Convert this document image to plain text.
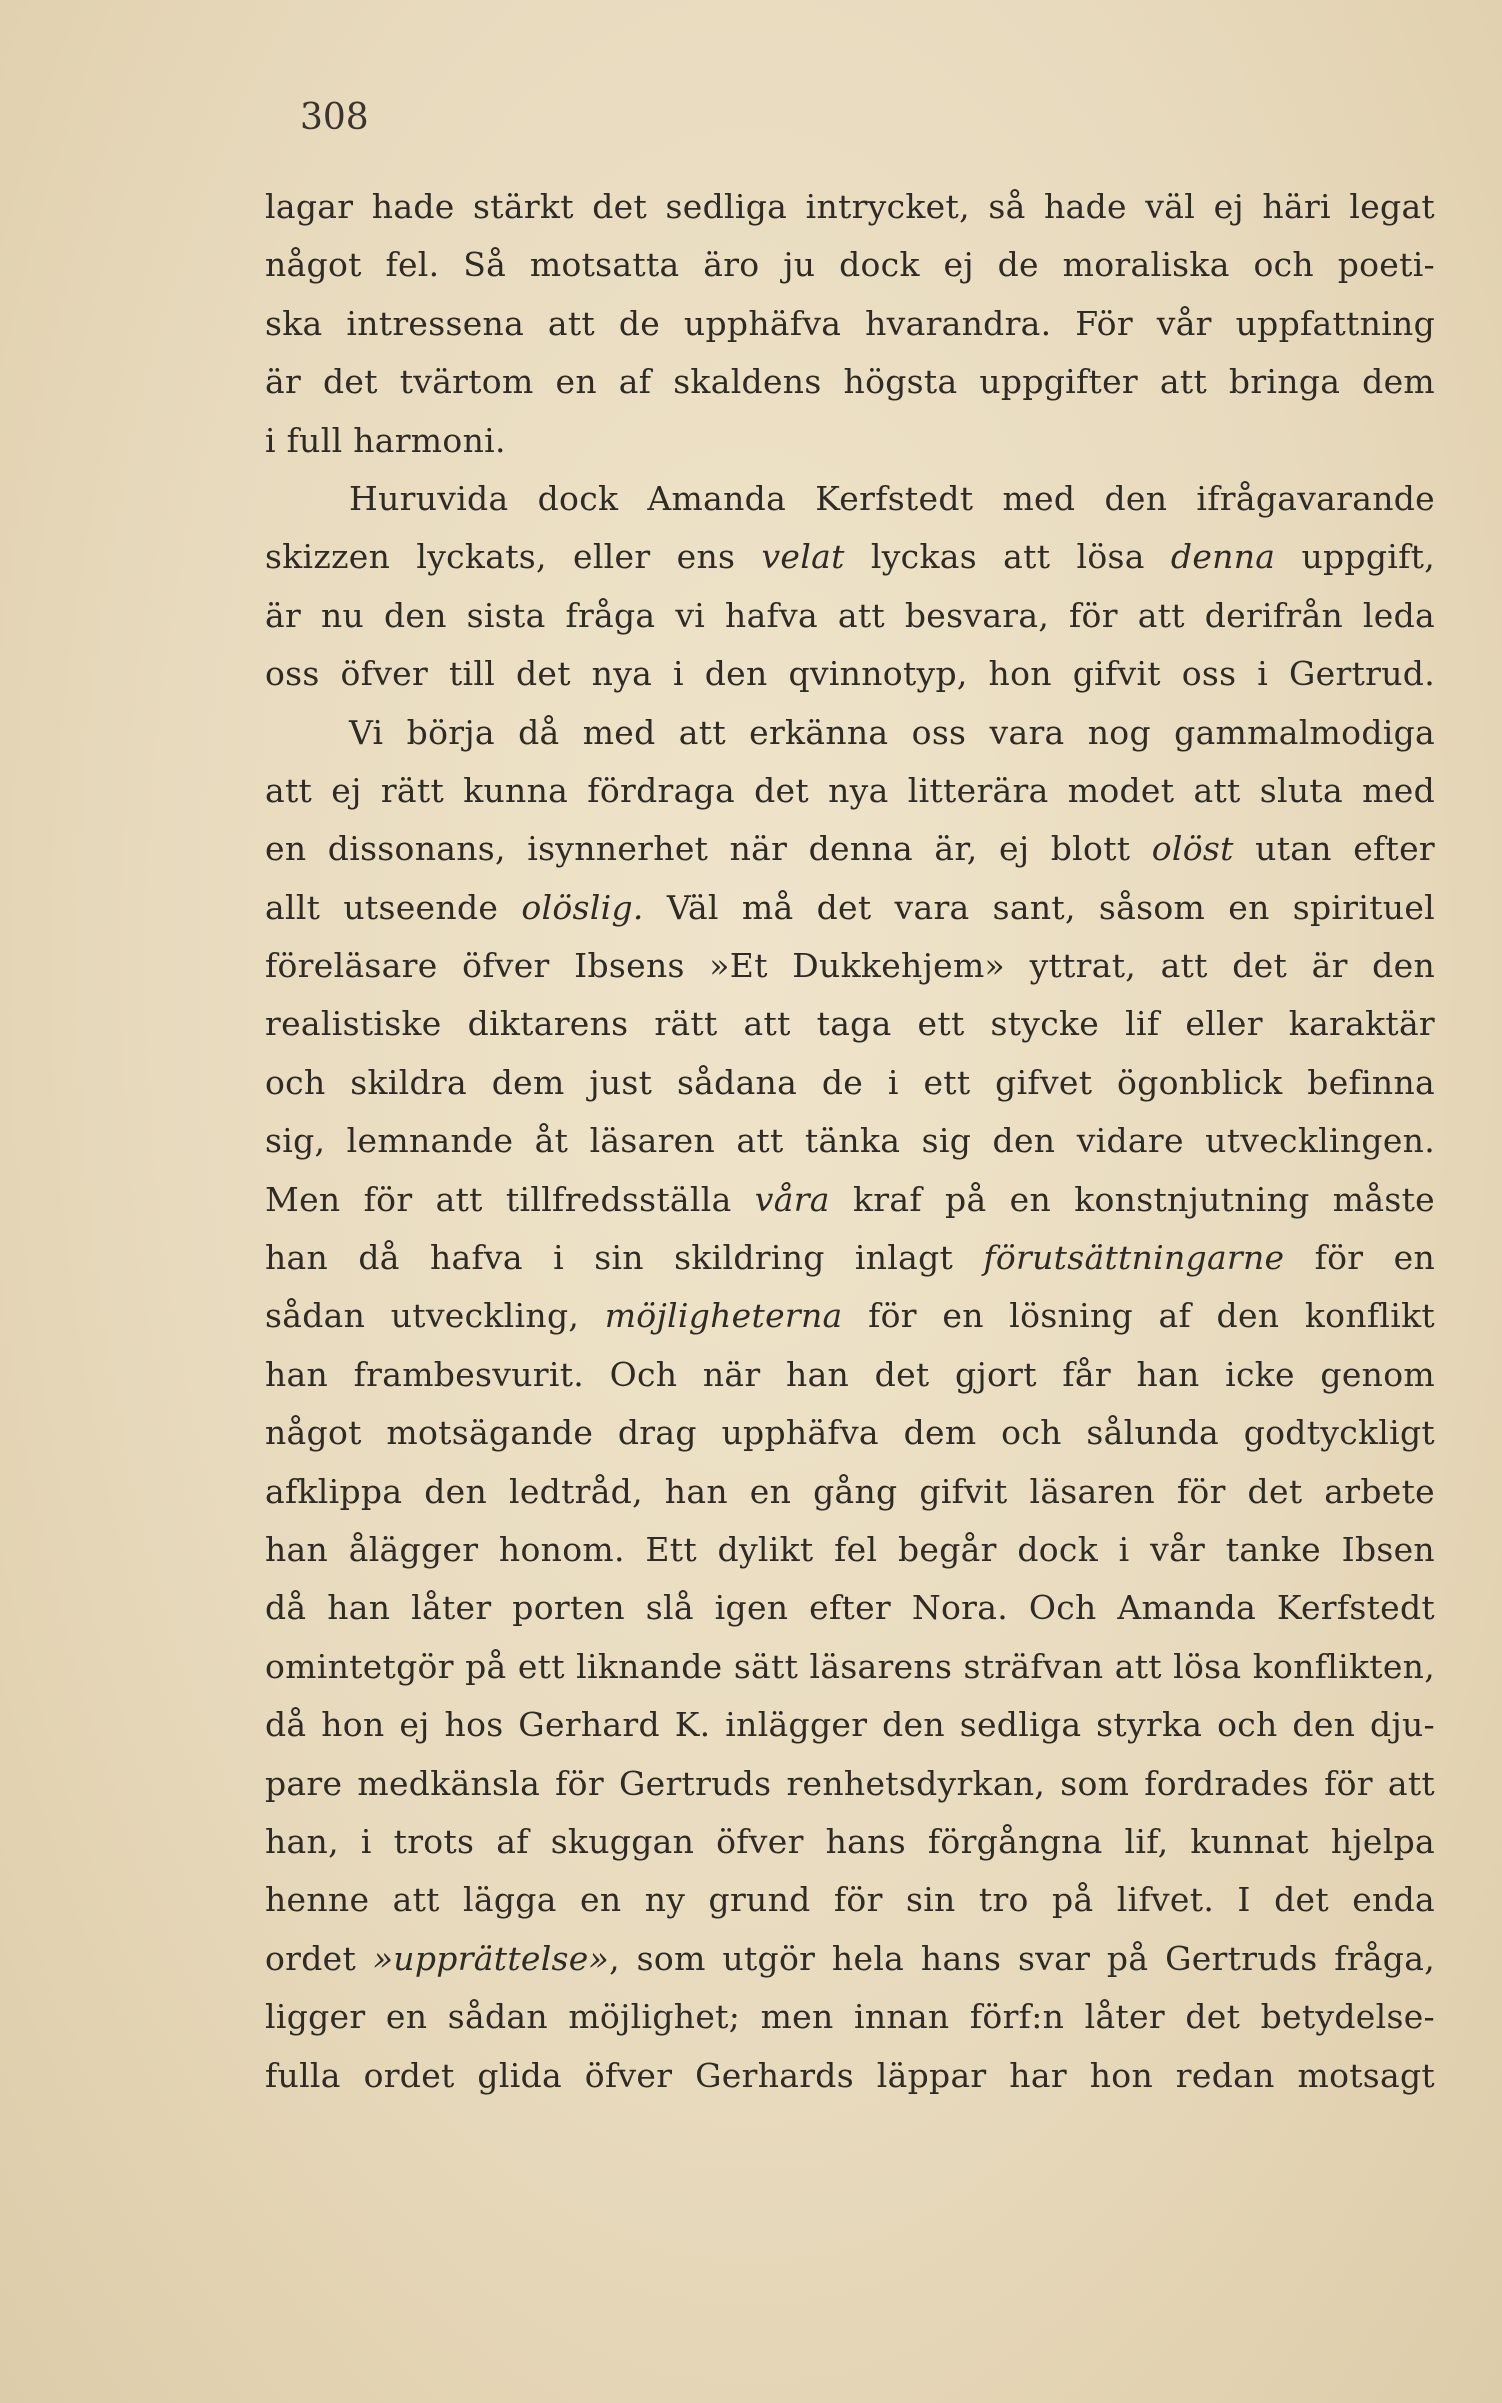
308
lagar hade stärkt det sedliga intrycket, så hade väl ej häri legat
något fel. Så motsatta äro ju dock ej de moraliska och poeti-
ska intressena att de upphäfva hvarandra. För vår uppfattning
är det tvärtom en af skaldens högsta uppgifter att bringa dem
i full harmoni.
Huruvida dock Amanda Kerfstedt med den ifrågavarande
skizzen lyckats, eller ens velat lyckas att lösa denna uppgift,
är nu den sista fråga vi hafva att besvara, för att derifrån leda
oss öfver till det nya i den qvinnotyp, hon gifvit oss i Gertrud.
Vi börja då med att erkänna oss vara nog gammalmodiga
att ej rätt kunna fördraga det nya litterära modet att sluta med
en dissonans, isynnerhet när denna är, ej blott olöst utan efter
allt utseende olöslig. Väl må det vara sant, såsom en spirituel
föreläsare öfver Ibsens »Et Dukkehjem» yttrat, att det är den
realistiske diktarens rätt att taga ett stycke lif eller karaktär
och skildra dem just sådana de i ett gifvet ögonblick befinna
sig, lemnande åt läsaren att tänka sig den vidare utvecklingen.
Men för att tillfredsställa våra kraf på en konstnjutning måste
han då hafva i sin skildring inlagt förutsättningarne för en
sådan utveckling, möjligheterna för en lösning af den konflikt
han frambesvurit. Och när han det gjort får han icke genom
något motsägande drag upphäfva dem och sålunda godtyckligt
afklippa den ledtråd, han en gång gifvit läsaren för det arbete
han ålägger honom. Ett dylikt fel begår dock i vår tanke Ibsen
då han låter porten slå igen efter Nora. Och Amanda Kerfstedt
omintetgör på ett liknande sätt läsarens sträfvan att lösa konflikten,
då hon ej hos Gerhard K. inlägger den sedliga styrka och den dju-
pare medkänsla för Gertruds renhetsdyrkan, som fordrades för att
han, i trots af skuggan öfver hans förgångna lif, kunnat hjelpa
henne att lägga en ny grund för sin tro på lifvet. I det enda
ordet »upprättelse», som utgör hela hans svar på Gertruds fråga,
ligger en sådan möjlighet; men innan förf:n låter det betydelse-
fulla ordet glida öfver Gerhards läppar har hon redan motsagt
